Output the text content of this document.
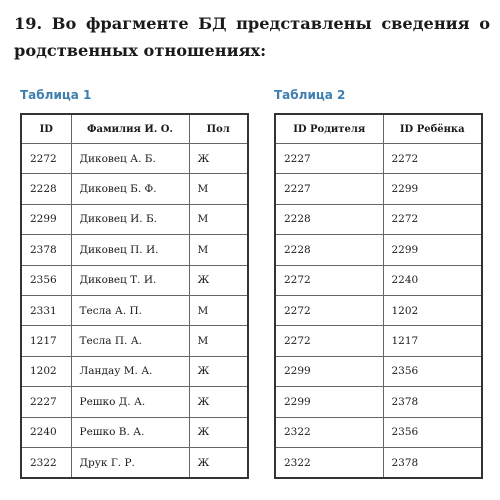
19. Во фрагменте БД представлены сведения о родственных отношениях:
Таблица 1	Таблица 2
ID	Фамилия И. О.	Пол
2272	Диковец А. Б.	Ж
2228	Диковец Б. Ф.	М
2299	Диковец И. Б.	М
2378	Диковец П. И.	М
2356	Диковец Т. И.	Ж
2331	Тесла А. П.	М
1217	Тесла П. А.	М
1202	Ландау М. А.	Ж
2227	Решко Д. А.	Ж
2240	Решко В. А.	Ж
2322	Друк Г. Р.	Ж
ID Родителя	ID Ребёнка
2227	2272
2227	2299
2228	2272
2228	2299
2272	2240
2272	1202
2272	1217
2299	2356
2299	2378
2322	2356
2322	2378
